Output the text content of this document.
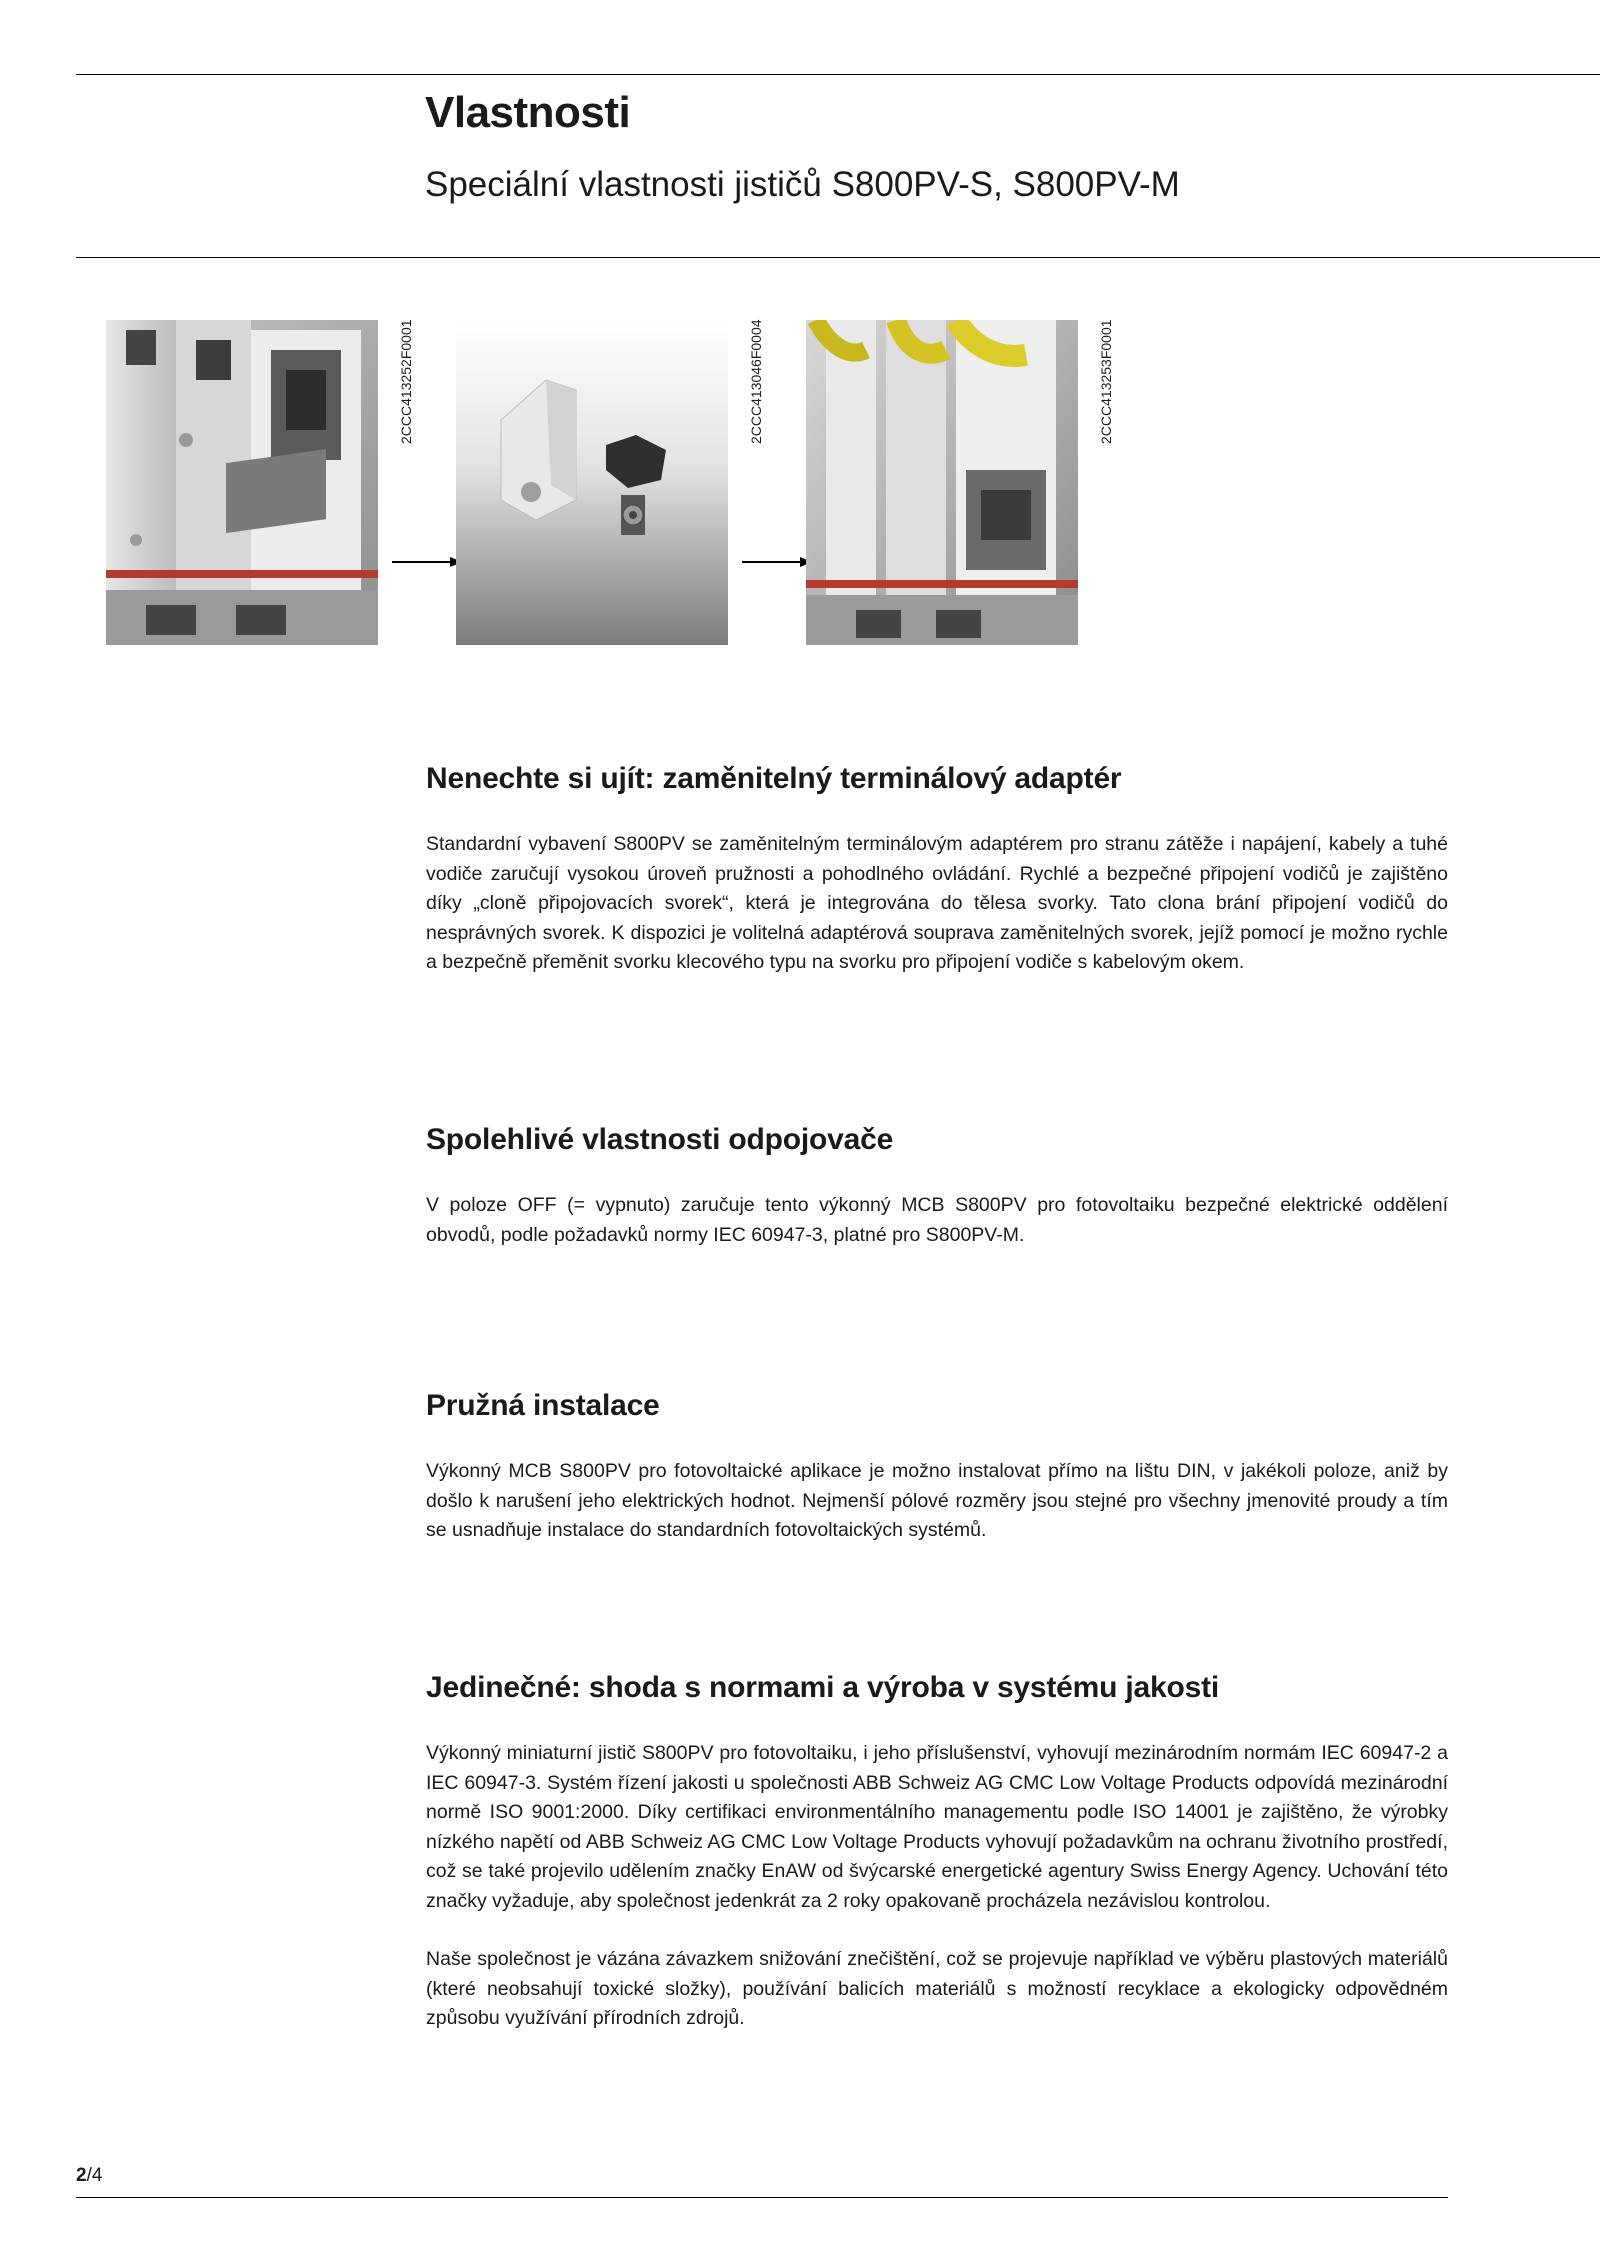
Vlastnosti
Speciální vlastnosti jističů S800PV-S, S800PV-M
2CCC413252F0001	2CCC413046F0004	2CCC413253F0001
Nenechte si ujít: zaměnitelný terminálový adaptér

Standardní vybavení S800PV se zaměnitelným terminálovým adaptérem pro stranu zátěže i napájení, kabely a tuhé vodiče zaručují vysokou úroveň pružnosti a pohodlného ovládání. Rychlé a bezpečné připojení vodičů je zajištěno díky „cloně připojovacích svorek“, která je integrována do tělesa svorky. Tato clona brání připojení vodičů do nesprávných svorek. K dispozici je volitelná adaptérová souprava zaměnitelných svorek, jejíž pomocí je možno rychle a bezpečně přeměnit svorku klecového typu na svorku pro připojení vodiče s kabelovým okem.

Spolehlivé vlastnosti odpojovače

V poloze OFF (= vypnuto) zaručuje tento výkonný MCB S800PV pro fotovoltaiku bezpečné elektrické oddělení obvodů, podle požadavků normy IEC 60947-3, platné pro S800PV-M.

Pružná instalace

Výkonný MCB S800PV pro fotovoltaické aplikace je možno instalovat přímo na lištu DIN, v jakékoli poloze, aniž by došlo k narušení jeho elektrických hodnot. Nejmenší pólové rozměry jsou stejné pro všechny jmenovité proudy a tím se usnadňuje instalace do standardních fotovoltaických systémů.

Jedinečné: shoda s normami a výroba v systému jakosti

Výkonný miniaturní jistič S800PV pro fotovoltaiku, i jeho příslušenství, vyhovují mezinárodním normám IEC 60947-2 a IEC 60947-3. Systém řízení jakosti u společnosti ABB Schweiz AG CMC Low Voltage Products odpovídá mezinárodní normě ISO 9001:2000. Díky certifikaci environmentálního managementu podle ISO 14001 je zajištěno, že výrobky nízkého napětí od ABB Schweiz AG CMC Low Voltage Products vyhovují požadavkům na ochranu životního prostředí, což se také projevilo udělením značky EnAW od švýcarské energetické agentury Swiss Energy Agency. Uchování této značky vyžaduje, aby společnost jedenkrát za 2 roky opakovaně procházela nezávislou kontrolou.

Naše společnost je vázána závazkem snižování znečištění, což se projevuje například ve výběru plastových materiálů (které neobsahují toxické složky), používání balicích materiálů s možností recyklace a ekologicky odpovědném způsobu využívání přírodních zdrojů.

2/4
